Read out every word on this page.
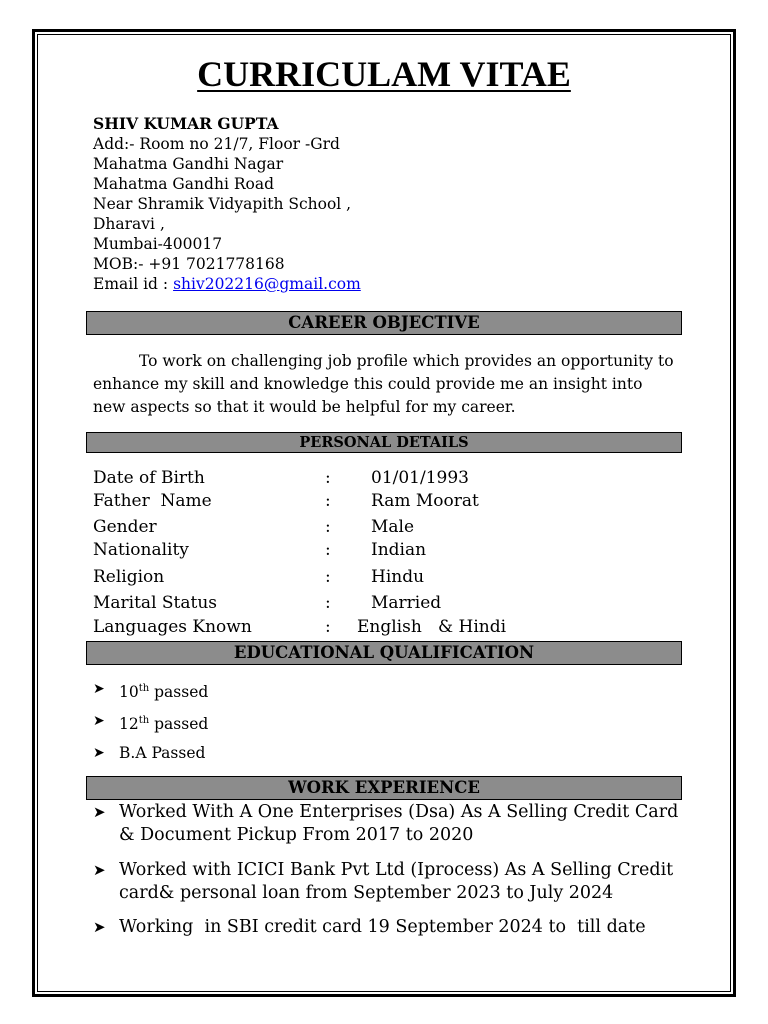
CURRICULAM VITAE
SHIV KUMAR GUPTA
Add:- Room no 21/7, Floor -Grd
Mahatma Gandhi Nagar
Mahatma Gandhi Road
Near Shramik Vidyapith School ,
Dharavi ,
Mumbai-400017
MOB:- +91 7021778168
Email id : shiv202216@gmail.com
CAREER OBJECTIVE
To work on challenging job profile which provides an opportunity to enhance my skill and knowledge this could provide me an insight into new aspects so that it would be helpful for my career.
PERSONAL DETAILS
Date of Birth	: 01/01/1993
Father  Name	: Ram Moorat
Gender	: Male
Nationality	: Indian
Religion	: Hindu
Marital Status	: Married
Languages Known	: English   & Hindi
EDUCATIONAL QUALIFICATION
➤ 10th passed
➤ 12th passed
➤ B.A Passed
WORK EXPERIENCE
➤ Worked With A One Enterprises (Dsa) As A Selling Credit Card & Document Pickup From 2017 to 2020
➤ Worked with ICICI Bank Pvt Ltd (Iprocess) As A Selling Credit card& personal loan from September 2023 to July 2024
➤ Working  in SBI credit card 19 September 2024 to  till date
